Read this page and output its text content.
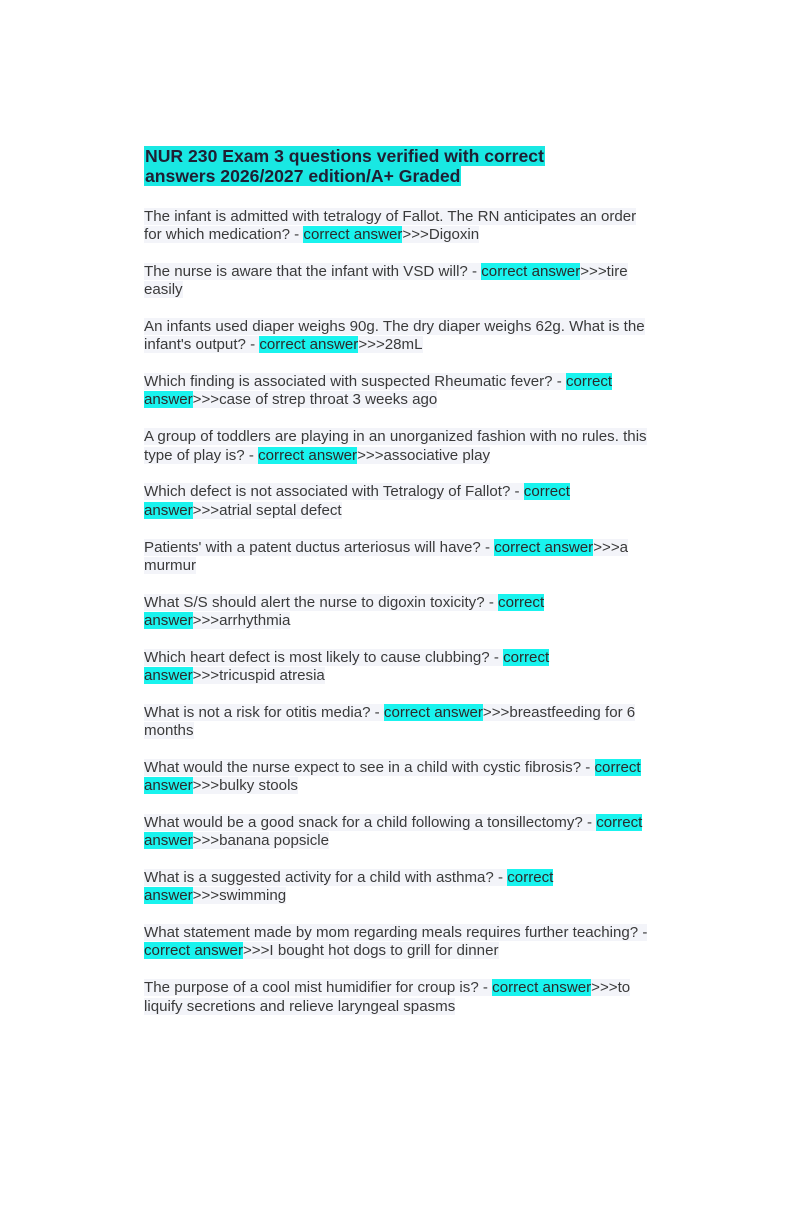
NUR 230 Exam 3 questions verified with correct
answers 2026/2027 edition/A+ Graded
The infant is admitted with tetralogy of Fallot. The RN anticipates an order for which medication? - correct answer>>>Digoxin
The nurse is aware that the infant with VSD will? - correct answer>>>tire easily
An infants used diaper weighs 90g. The dry diaper weighs 62g. What is the infant's output? - correct answer>>>28mL
Which finding is associated with suspected Rheumatic fever? - correct answer>>>case of strep throat 3 weeks ago
A group of toddlers are playing in an unorganized fashion with no rules. this type of play is? - correct answer>>>associative play
Which defect is not associated with Tetralogy of Fallot? - correct answer>>>atrial septal defect
Patients' with a patent ductus arteriosus will have? - correct answer>>>a murmur
What S/S should alert the nurse to digoxin toxicity? - correct answer>>>arrhythmia
Which heart defect is most likely to cause clubbing? - correct answer>>>tricuspid atresia
What is not a risk for otitis media? - correct answer>>>breastfeeding for 6 months
What would the nurse expect to see in a child with cystic fibrosis? - correct answer>>>bulky stools
What would be a good snack for a child following a tonsillectomy? - correct answer>>>banana popsicle
What is a suggested activity for a child with asthma? - correct answer>>>swimming
What statement made by mom regarding meals requires further teaching? - correct answer>>>I bought hot dogs to grill for dinner
The purpose of a cool mist humidifier for croup is? - correct answer>>>to liquify secretions and relieve laryngeal spasms
